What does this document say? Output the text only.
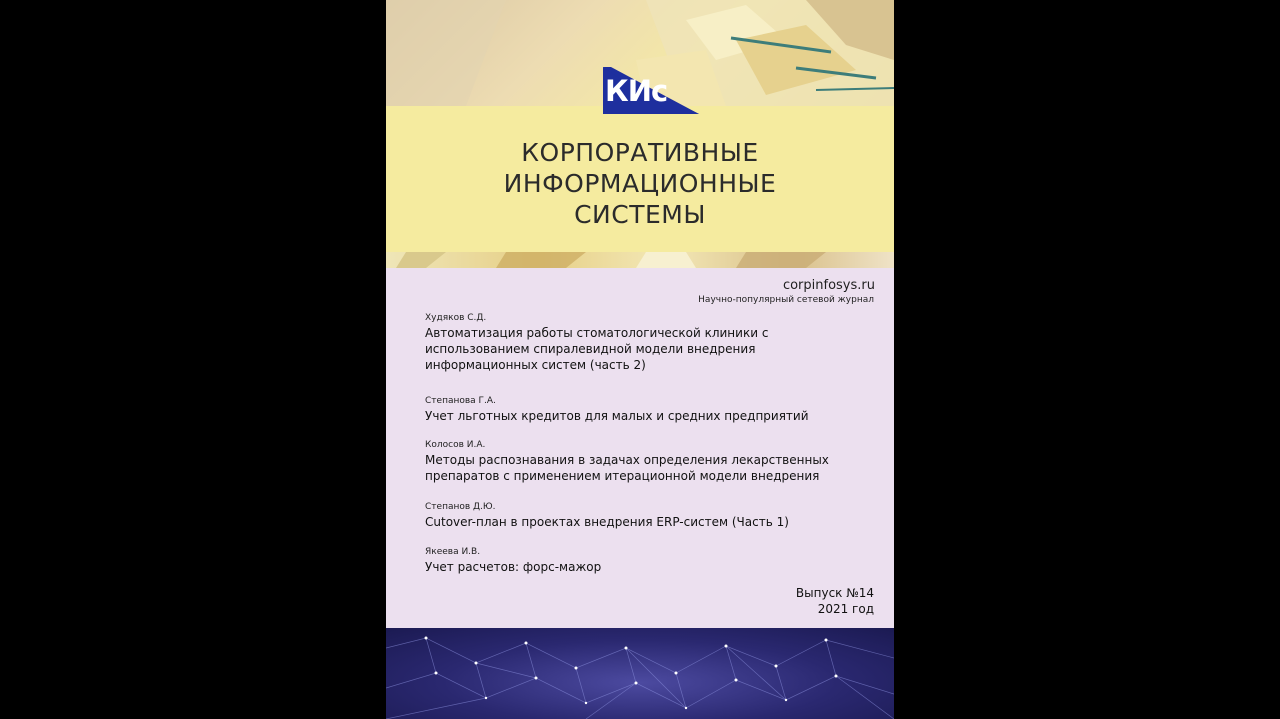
КИс
КОРПОРАТИВНЫЕ
ИНФОРМАЦИОННЫЕ
СИСТЕМЫ
corpinfosys.ru
Научно-популярный сетевой журнал
Худяков С.Д.
Автоматизация работы стоматологической клиники с
использованием спиралевидной модели внедрения
информационных систем (часть 2)
Степанова Г.А.
Учет льготных кредитов для малых и средних предприятий
Колосов И.А.
Методы распознавания в задачах определения лекарственных
препаратов с применением итерационной модели внедрения
Степанов Д.Ю.
Cutover-план в проектах внедрения ERP-систем (Часть 1)
Якеева И.В.
Учет расчетов: форс-мажор
Выпуск №14
2021 год
